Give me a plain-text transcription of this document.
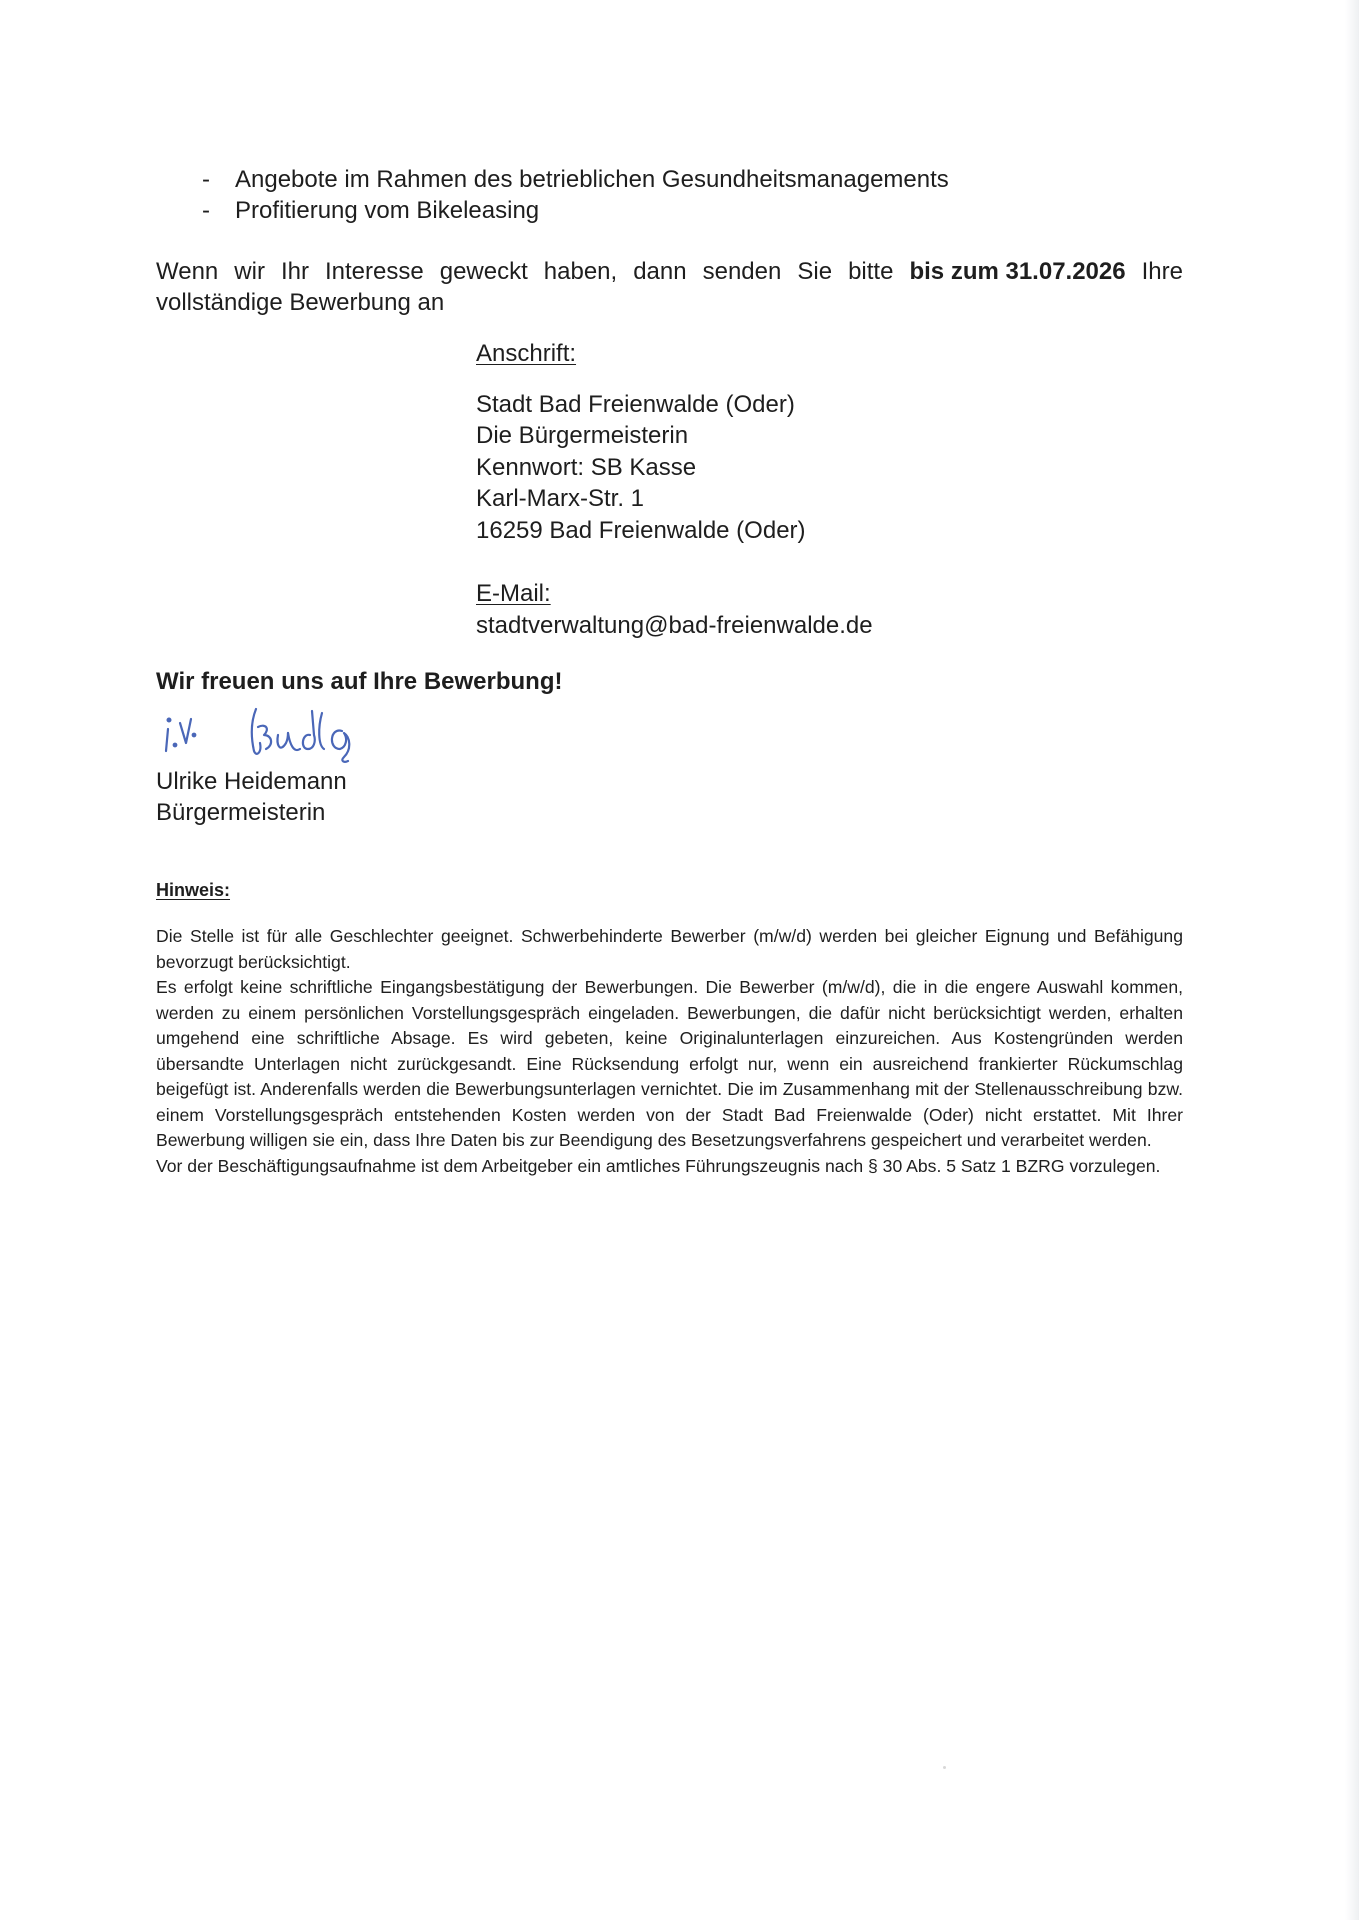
- Angebote im Rahmen des betrieblichen Gesundheitsmanagements
- Profitierung vom Bikeleasing
Wenn wir Ihr Interesse geweckt haben, dann senden Sie bitte bis zum 31.07.2026 Ihre
vollständige Bewerbung an
Anschrift:
Stadt Bad Freienwalde (Oder)
Die Bürgermeisterin
Kennwort: SB Kasse
Karl-Marx-Str. 1
16259 Bad Freienwalde (Oder)
E-Mail:
stadtverwaltung@bad-freienwalde.de
Wir freuen uns auf Ihre Bewerbung!
Ulrike Heidemann
Bürgermeisterin
Hinweis:

Die Stelle ist für alle Geschlechter geeignet. Schwerbehinderte Bewerber (m/w/d) werden bei gleicher Eignung und Befähigung bevorzugt berücksichtigt.

Es erfolgt keine schriftliche Eingangsbestätigung der Bewerbungen. Die Bewerber (m/w/d), die in die engere Auswahl kommen, werden zu einem persönlichen Vorstellungsgespräch eingeladen. Bewerbungen, die dafür nicht berücksichtigt werden, erhalten umgehend eine schriftliche Absage. Es wird gebeten, keine Originalunterlagen einzureichen. Aus Kostengründen werden übersandte Unterlagen nicht zurückgesandt. Eine Rücksendung erfolgt nur, wenn ein ausreichend frankierter Rückumschlag beigefügt ist. Anderenfalls werden die Bewerbungsunterlagen vernichtet. Die im Zusammenhang mit der Stellenausschreibung bzw. einem Vorstellungsgespräch entstehenden Kosten werden von der Stadt Bad Freienwalde (Oder) nicht erstattet. Mit Ihrer Bewerbung willigen sie ein, dass Ihre Daten bis zur Beendigung des Besetzungsverfahrens gespeichert und verarbeitet werden.

Vor der Beschäftigungsaufnahme ist dem Arbeitgeber ein amtliches Führungszeugnis nach § 30 Abs. 5 Satz 1 BZRG vorzulegen.
